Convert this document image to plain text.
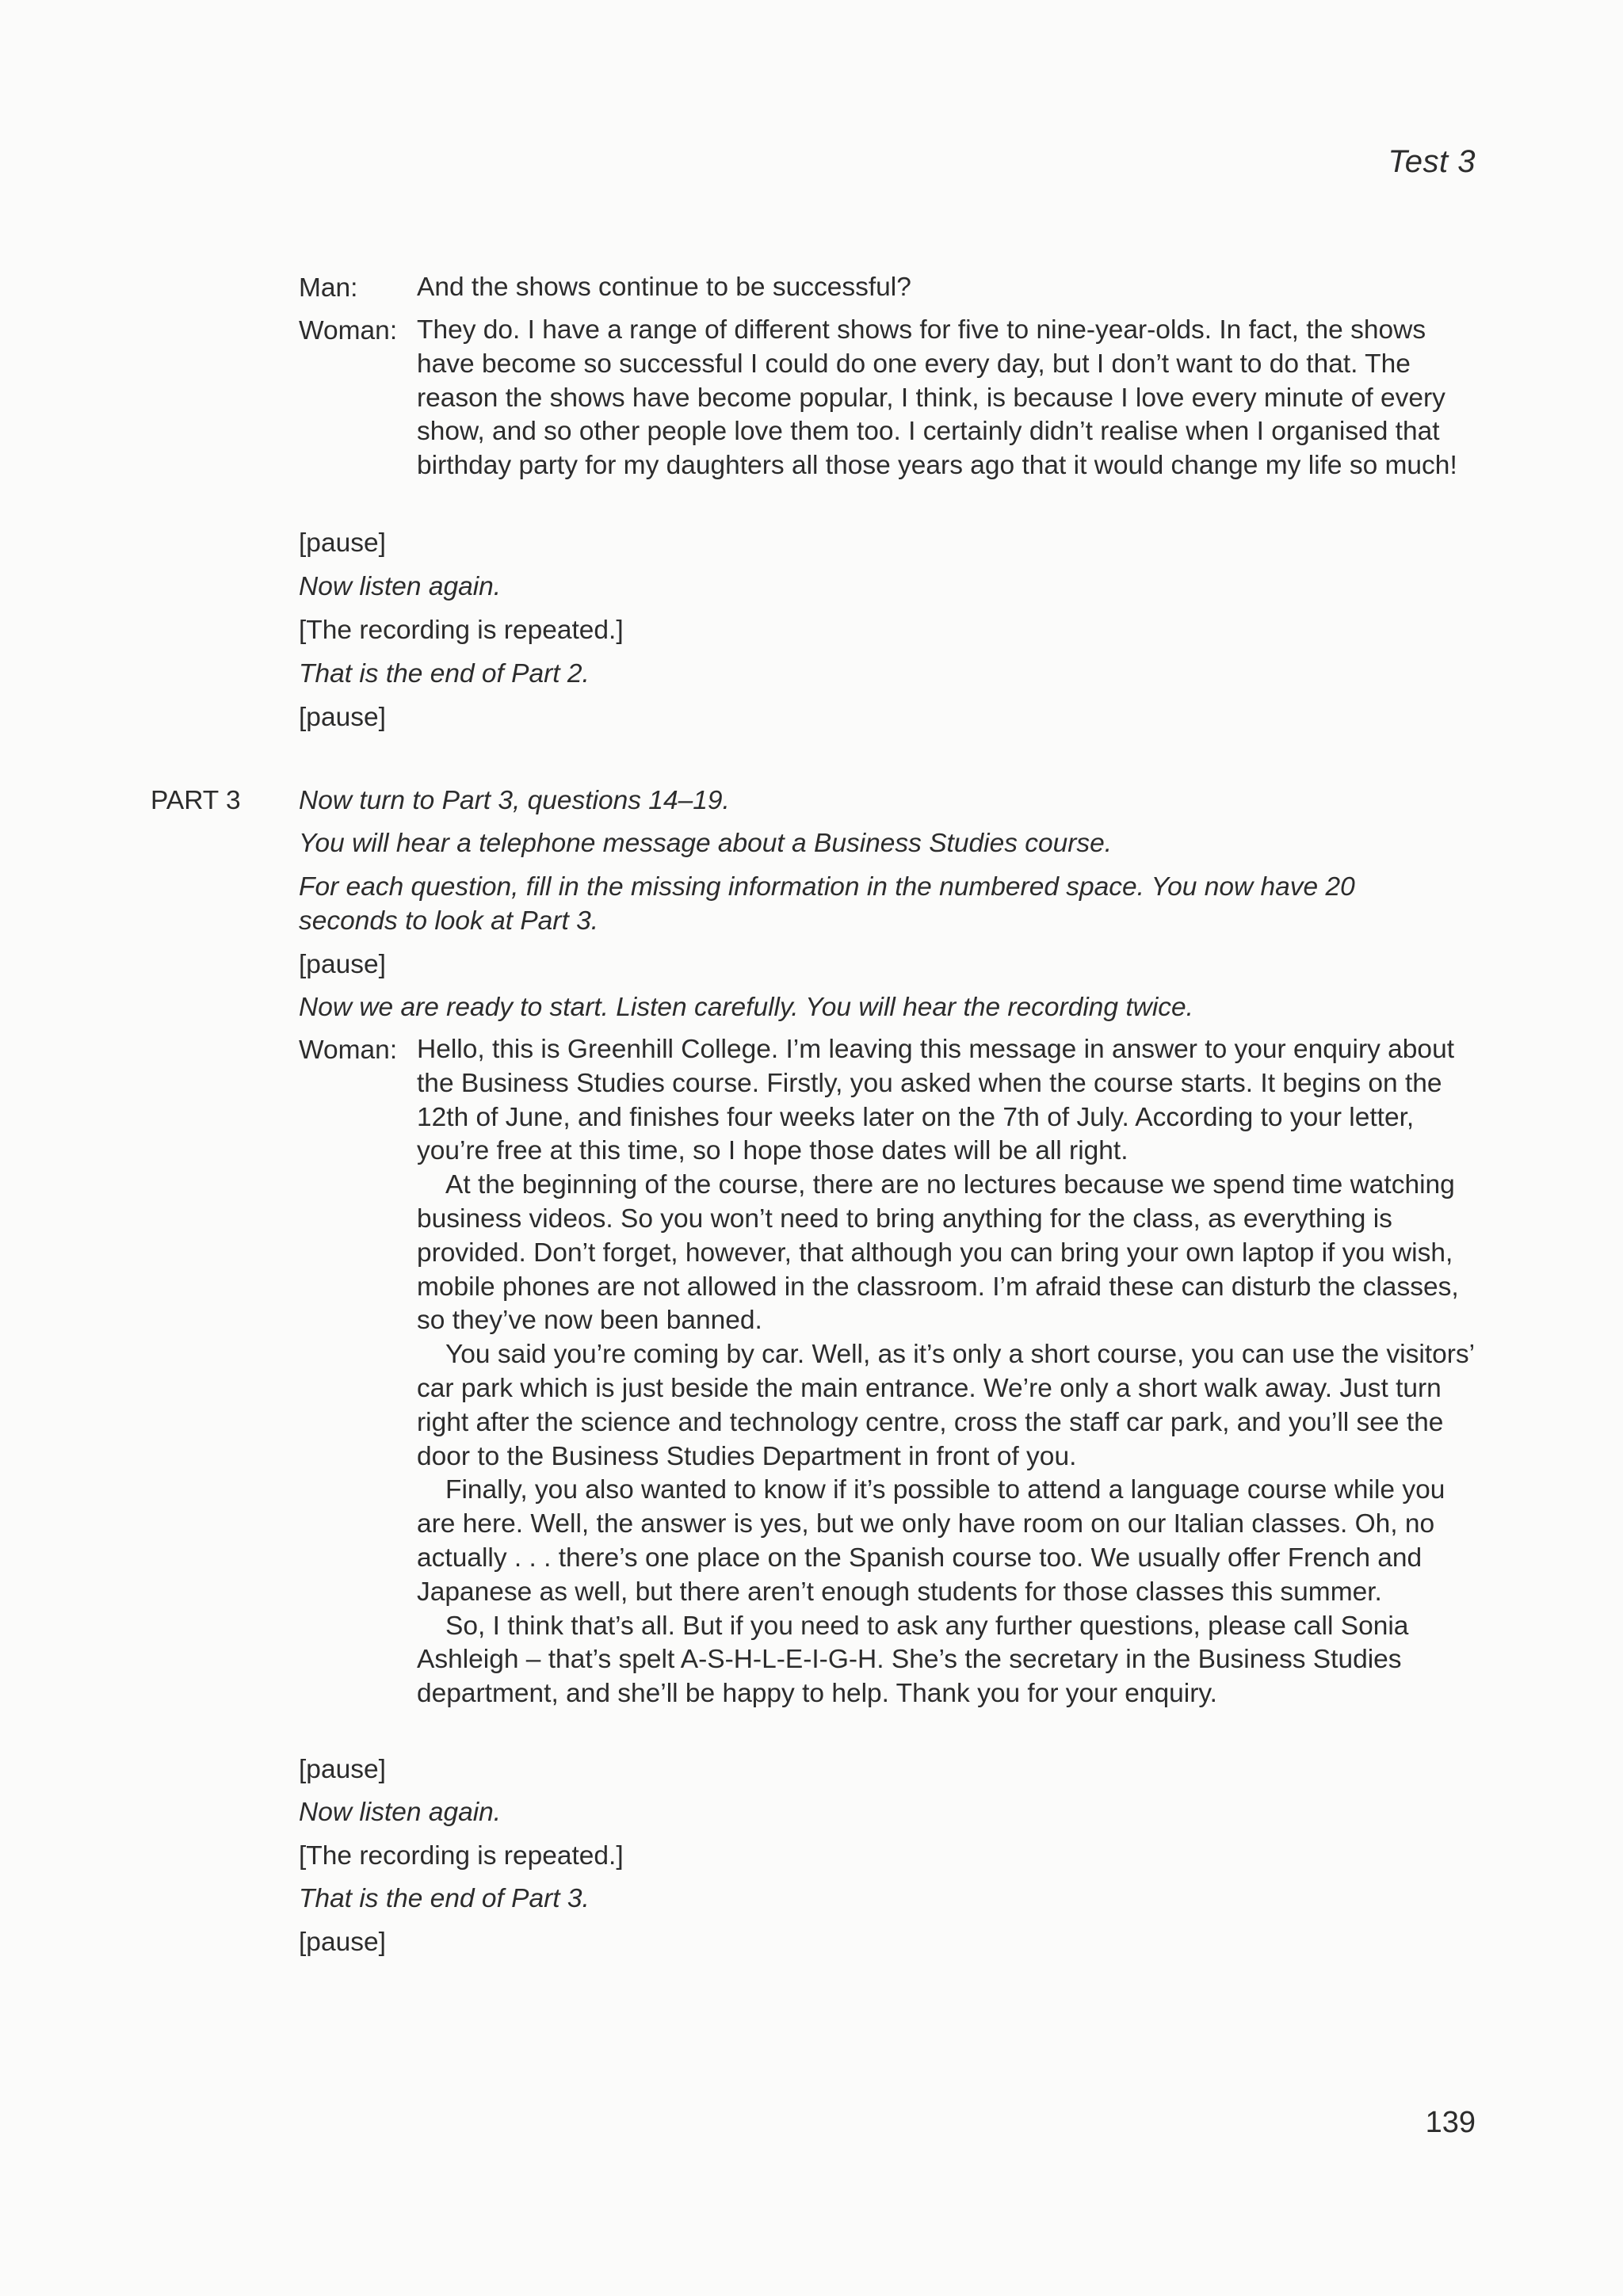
Test 3
Man: And the shows continue to be successful?

Woman: They do. I have a range of different shows for five to nine-year-olds. In fact, the shows have become so successful I could do one every day, but I don’t want to do that. The reason the shows have become popular, I think, is because I love every minute of every show, and so other people love them too. I certainly didn’t realise when I organised that birthday party for my daughters all those years ago that it would change my life so much!

[pause]
Now listen again.
[The recording is repeated.]
That is the end of Part 2.
[pause]
PART 3 Now turn to Part 3, questions 14–19.
You will hear a telephone message about a Business Studies course.
For each question, fill in the missing information in the numbered space. You now have 20 seconds to look at Part 3.
[pause]
Now we are ready to start. Listen carefully. You will hear the recording twice.
Woman: Hello, this is Greenhill College. I’m leaving this message in answer to your enquiry about the Business Studies course. Firstly, you asked when the course starts. It begins on the 12th of June, and finishes four weeks later on the 7th of July. According to your letter, you’re free at this time, so I hope those dates will be all right.

At the beginning of the course, there are no lectures because we spend time watching business videos. So you won’t need to bring anything for the class, as everything is provided. Don’t forget, however, that although you can bring your own laptop if you wish, mobile phones are not allowed in the classroom. I’m afraid these can disturb the classes, so they’ve now been banned.

You said you’re coming by car. Well, as it’s only a short course, you can use the visitors’ car park which is just beside the main entrance. We’re only a short walk away. Just turn right after the science and technology centre, cross the staff car park, and you’ll see the door to the Business Studies Department in front of you.

Finally, you also wanted to know if it’s possible to attend a language course while you are here. Well, the answer is yes, but we only have room on our Italian classes. Oh, no actually . . . there’s one place on the Spanish course too. We usually offer French and Japanese as well, but there aren’t enough students for those classes this summer.

So, I think that’s all. But if you need to ask any further questions, please call Sonia Ashleigh – that’s spelt A-S-H-L-E-I-G-H. She’s the secretary in the Business Studies department, and she’ll be happy to help. Thank you for your enquiry.

[pause]
Now listen again.
[The recording is repeated.]
That is the end of Part 3.
[pause]
139
